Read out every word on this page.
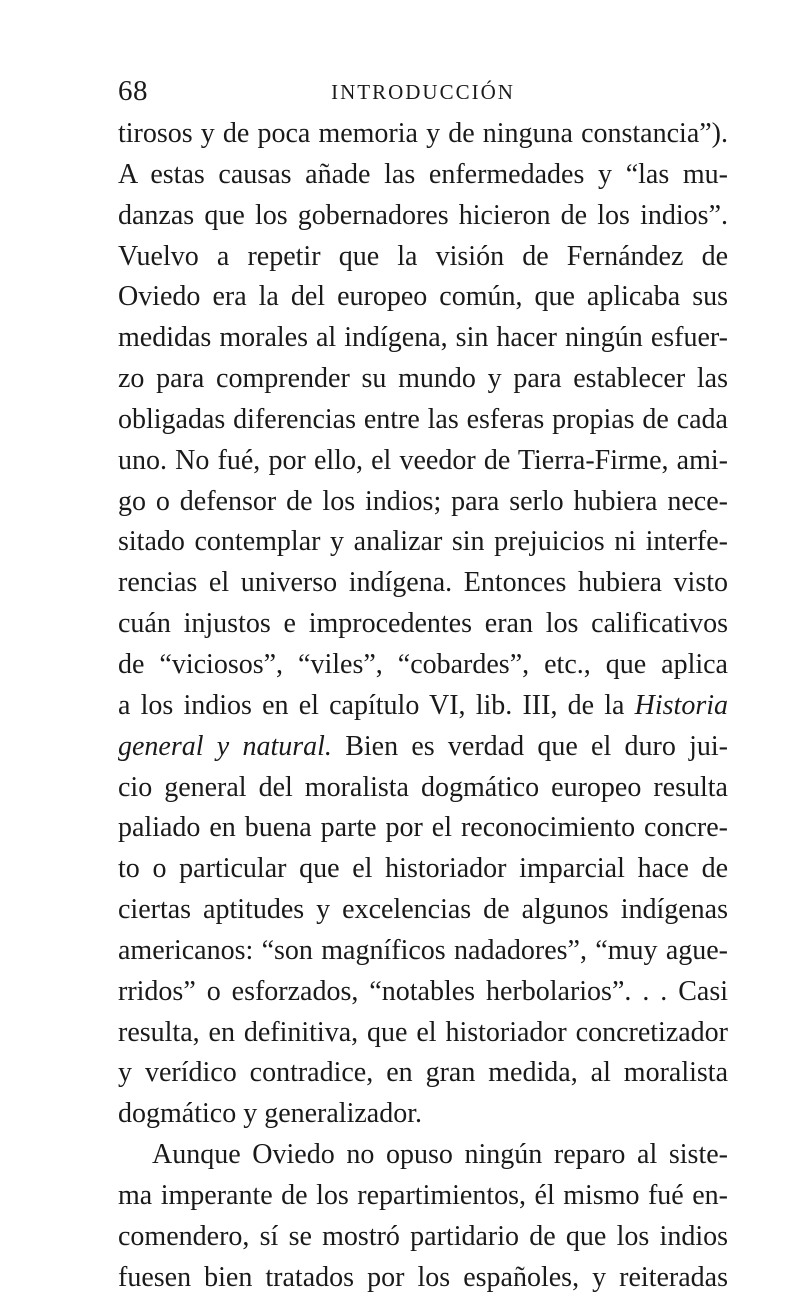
68	INTRODUCCIÓN
tirosos y de poca memoria y de ninguna constancia”).
A estas causas añade las enfermedades y “las mu-
danzas que los gobernadores hicieron de los indios”.
Vuelvo a repetir que la visión de Fernández de
Oviedo era la del europeo común, que aplicaba sus
medidas morales al indígena, sin hacer ningún esfuer-
zo para comprender su mundo y para establecer las
obligadas diferencias entre las esferas propias de cada
uno. No fué, por ello, el veedor de Tierra-Firme, ami-
go o defensor de los indios; para serlo hubiera nece-
sitado contemplar y analizar sin prejuicios ni interfe-
rencias el universo indígena. Entonces hubiera visto
cuán injustos e improcedentes eran los calificativos
de “viciosos”, “viles”, “cobardes”, etc., que aplica
a los indios en el capítulo VI, lib. III, de la Historia
general y natural. Bien es verdad que el duro jui-
cio general del moralista dogmático europeo resulta
paliado en buena parte por el reconocimiento concre-
to o particular que el historiador imparcial hace de
ciertas aptitudes y excelencias de algunos indígenas
americanos: “son magníficos nadadores”, “muy ague-
rridos” o esforzados, “notables herbolarios”. . . Casi
resulta, en definitiva, que el historiador concretizador
y verídico contradice, en gran medida, al moralista
dogmático y generalizador.
Aunque Oviedo no opuso ningún reparo al siste-
ma imperante de los repartimientos, él mismo fué en-
comendero, sí se mostró partidario de que los indios
fuesen bien tratados por los españoles, y reiteradas
